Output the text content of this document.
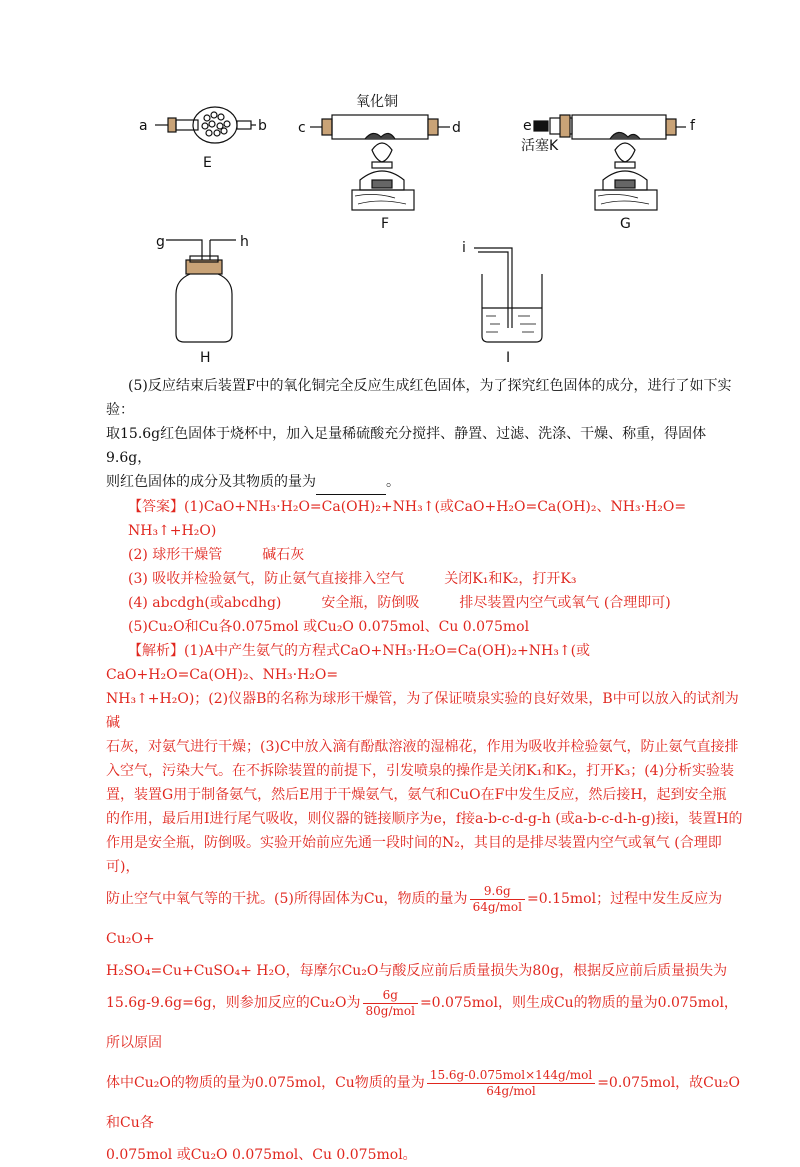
a	b
E
氧化铜
c	d
F
e	f
活塞K
G
g	h
H
i
I
(5)反应结束后装置F中的氧化铜完全反应生成红色固体，为了探究红色固体的成分，进行了如下实验：
取15.6g红色固体于烧杯中，加入足量稀硫酸充分搅拌、静置、过滤、洗涤、干燥、称重，得固体9.6g，
则红色固体的成分及其物质的量为	。
【答案】(1)CaO+NH₃·H₂O=Ca(OH)₂+NH₃↑(或CaO+H₂O=Ca(OH)₂、NH₃·H₂O= NH₃↑+H₂O)
(2) 球形干燥管	碱石灰
(3) 吸收并检验氨气，防止氨气直接排入空气	关闭K₁和K₂，打开K₃
(4) abcdgh(或abcdhg)	安全瓶，防倒吸	排尽装置内空气或氧气 (合理即可)
(5)Cu₂O和Cu各0.075mol 或Cu₂O 0.075mol、Cu 0.075mol
【解析】(1)A中产生氨气的方程式CaO+NH₃·H₂O=Ca(OH)₂+NH₃↑(或CaO+H₂O=Ca(OH)₂、NH₃·H₂O=
NH₃↑+H₂O)；(2)仪器B的名称为球形干燥管，为了保证喷泉实验的良好效果，B中可以放入的试剂为碱
石灰，对氨气进行干燥；(3)C中放入滴有酚酞溶液的湿棉花，作用为吸收并检验氨气，防止氨气直接排
入空气，污染大气。在不拆除装置的前提下，引发喷泉的操作是关闭K₁和K₂，打开K₃；(4)分析实验装
置，装置G用于制备氨气，然后E用于干燥氨气，氨气和CuO在F中发生反应，然后接H，起到安全瓶
的作用，最后用I进行尾气吸收，则仪器的链接顺序为e，f接a-b-c-d-g-h (或a-b-c-d-h-g)接i，装置H的
作用是安全瓶，防倒吸。实验开始前应先通一段时间的N₂，其目的是排尽装置内空气或氧气 (合理即可)，
防止空气中氧气等的干扰。(5)所得固体为Cu，物质的量为 $\frac{9.6g}{\text{64g/mol}} =0.15mol$；过程中发生反应为Cu₂O+
H₂SO₄=Cu+CuSO₄+ H₂O，每摩尔Cu₂O与酸反应前后质量损失为80g，根据反应前后质量损失为
15.6g-9.6g=6g，则参加反应的Cu₂O为 $\frac{6g}{\text{80g/mol}} =0.075mol$，则生成Cu的物质的量为0.075mol，所以原固
体中Cu₂O的物质的量为0.075mol，Cu物质的量为 $\frac{\text{15.6g-0.075mol×144g/mol}}{\text{64g/mol}} =0.075mol$，故Cu₂O和Cu各
0.075mol 或Cu₂O 0.075mol、Cu 0.075mol。
